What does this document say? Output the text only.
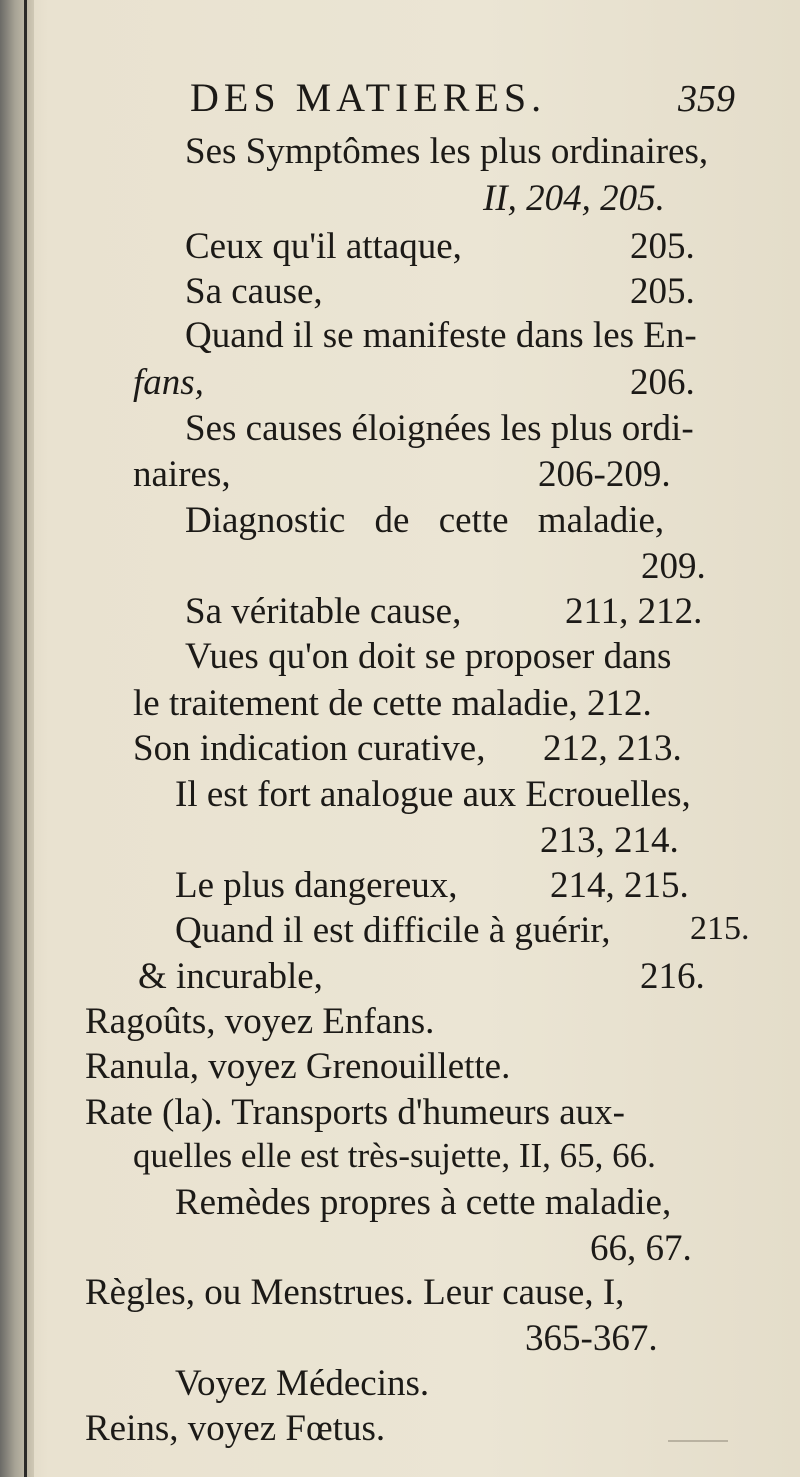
DES MATIERES.	359
Ses Symptômes les plus ordinaires,
II, 204, 205.
Ceux qu'il attaque,	205.
Sa cause,	205.
Quand il se manifeste dans les En-
fans,	206.
Ses causes éloignées les plus ordi-
naires,	206-209.
Diagnostic de cette maladie,
209.
Sa véritable cause,	211, 212.
Vues qu'on doit se proposer dans
le traitement de cette maladie, 212.
Son indication curative, 212, 213.
Il est fort analogue aux Ecrouelles,
213, 214.
Le plus dangereux, 214, 215.
Quand il est difficile à guérir, 215.
& incurable,	216.
Ragoûts, voyez Enfans.
Ranula, voyez Grenouillette.
Rate (la). Transports d'humeurs aux-
quelles elle est très-sujette, II, 65, 66.
Remèdes propres à cette maladie,
66, 67.
Règles, ou Menstrues. Leur cause, I,
365-367.
Voyez Médecins.
Reins, voyez Fœtus.
